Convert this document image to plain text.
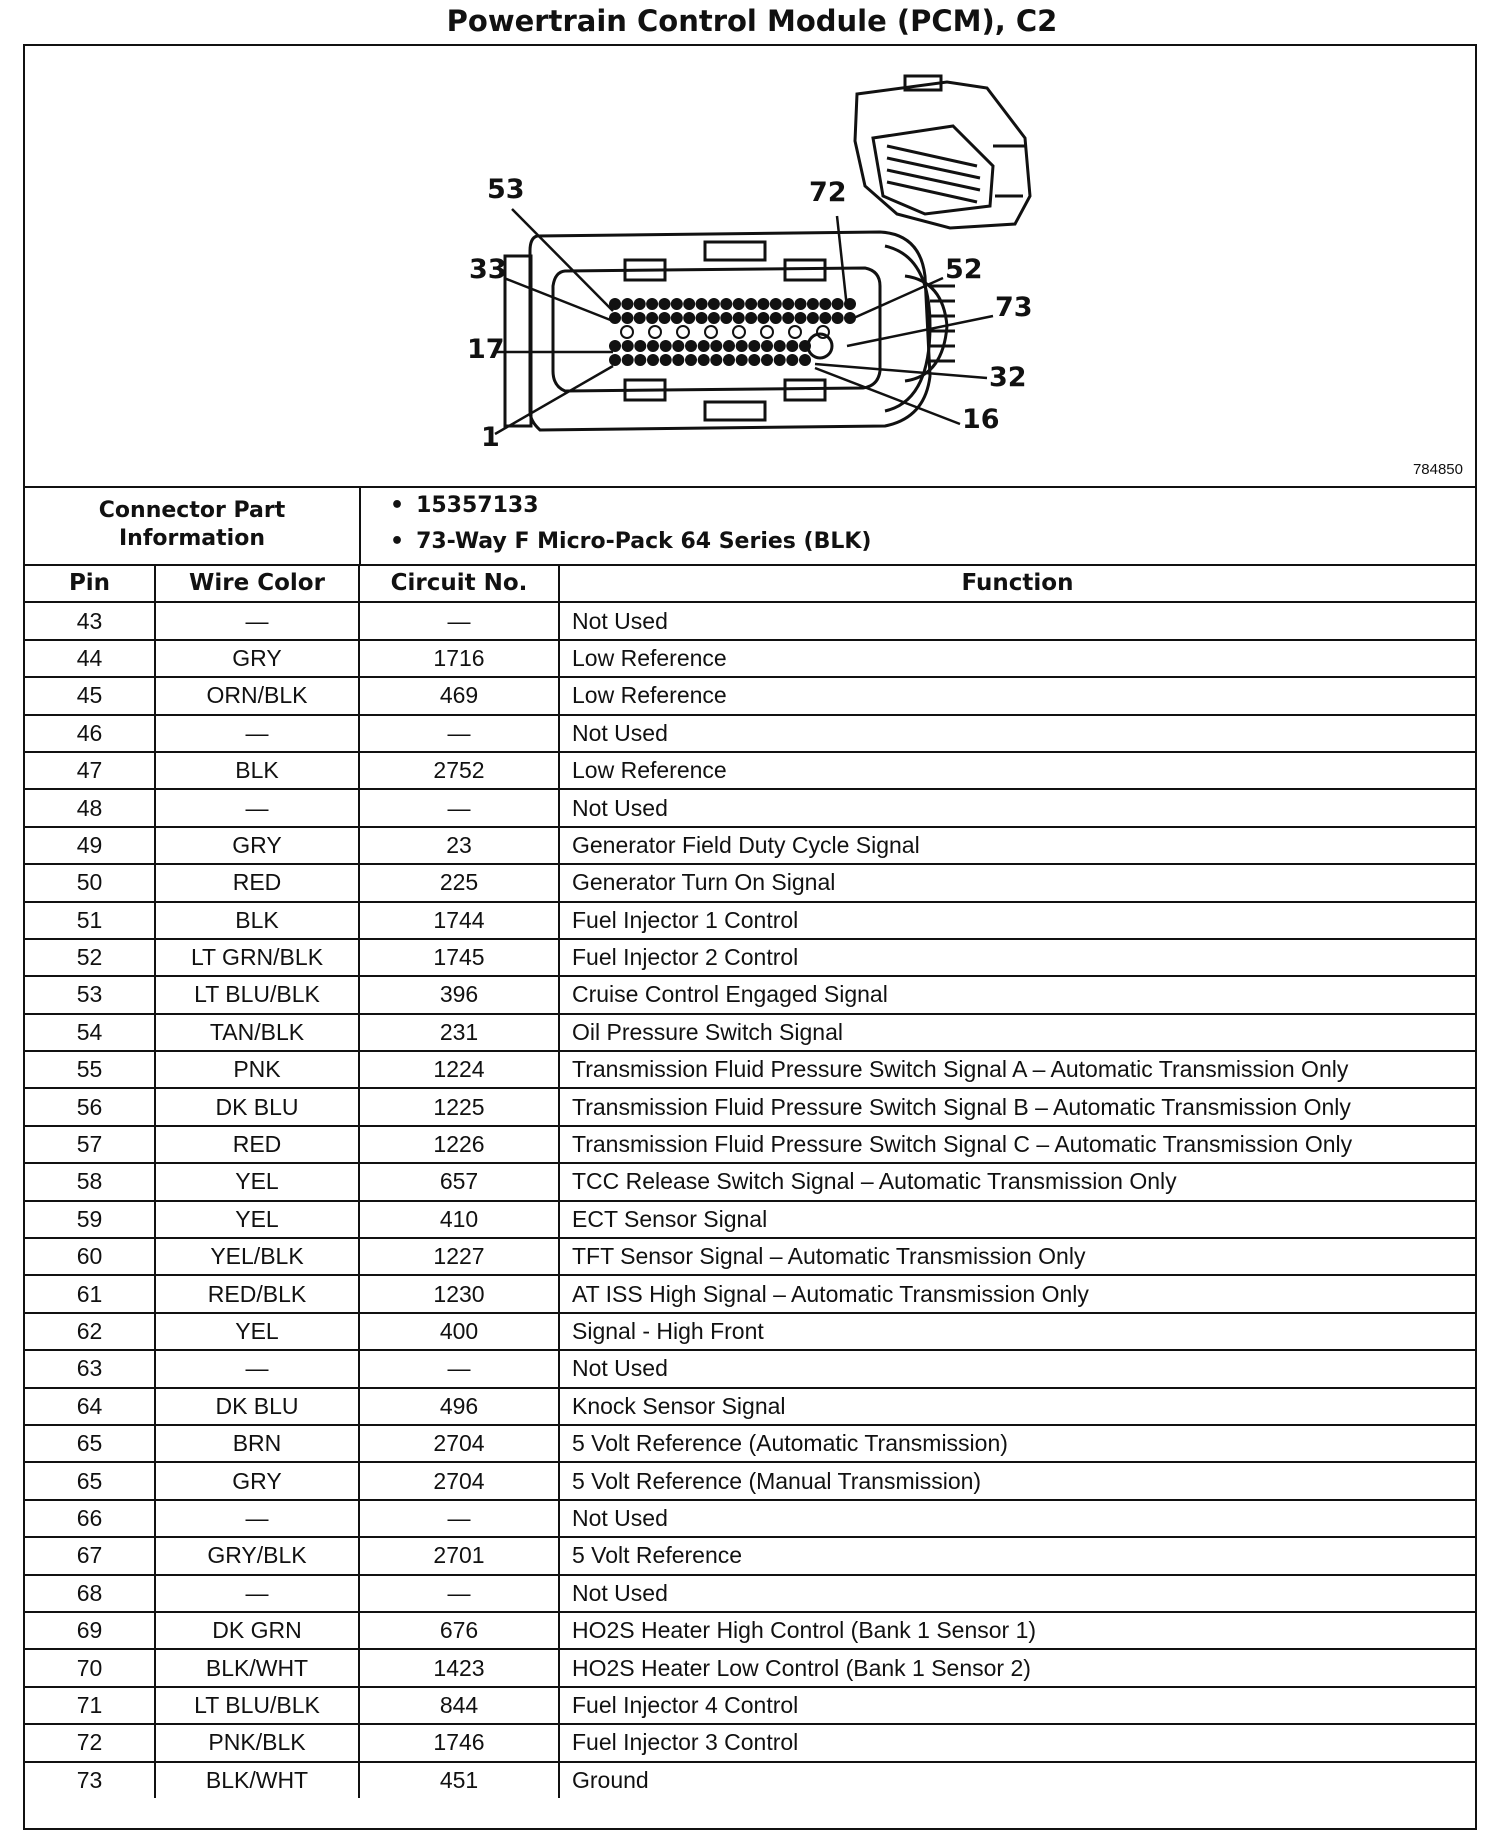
Powertrain Control Module (PCM), C2
53	72
33	52
73
17
32
1
16
784850
Connector Part Information
• 15357133
• 73-Way F Micro-Pack 64 Series (BLK)
Pin	Wire Color	Circuit No.	Function
43	—	—	Not Used
44	GRY	1716	Low Reference
45	ORN/BLK	469	Low Reference
46	—	—	Not Used
47	BLK	2752	Low Reference
48	—	—	Not Used
49	GRY	23	Generator Field Duty Cycle Signal
50	RED	225	Generator Turn On Signal
51	BLK	1744	Fuel Injector 1 Control
52	LT GRN/BLK	1745	Fuel Injector 2 Control
53	LT BLU/BLK	396	Cruise Control Engaged Signal
54	TAN/BLK	231	Oil Pressure Switch Signal
55	PNK	1224	Transmission Fluid Pressure Switch Signal A – Automatic Transmission Only
56	DK BLU	1225	Transmission Fluid Pressure Switch Signal B – Automatic Transmission Only
57	RED	1226	Transmission Fluid Pressure Switch Signal C – Automatic Transmission Only
58	YEL	657	TCC Release Switch Signal – Automatic Transmission Only
59	YEL	410	ECT Sensor Signal
60	YEL/BLK	1227	TFT Sensor Signal – Automatic Transmission Only
61	RED/BLK	1230	AT ISS High Signal – Automatic Transmission Only
62	YEL	400	Signal - High Front
63	—	—	Not Used
64	DK BLU	496	Knock Sensor Signal
65	BRN	2704	5 Volt Reference (Automatic Transmission)
65	GRY	2704	5 Volt Reference (Manual Transmission)
66	—	—	Not Used
67	GRY/BLK	2701	5 Volt Reference
68	—	—	Not Used
69	DK GRN	676	HO2S Heater High Control (Bank 1 Sensor 1)
70	BLK/WHT	1423	HO2S Heater Low Control (Bank 1 Sensor 2)
71	LT BLU/BLK	844	Fuel Injector 4 Control
72	PNK/BLK	1746	Fuel Injector 3 Control
73	BLK/WHT	451	Ground
